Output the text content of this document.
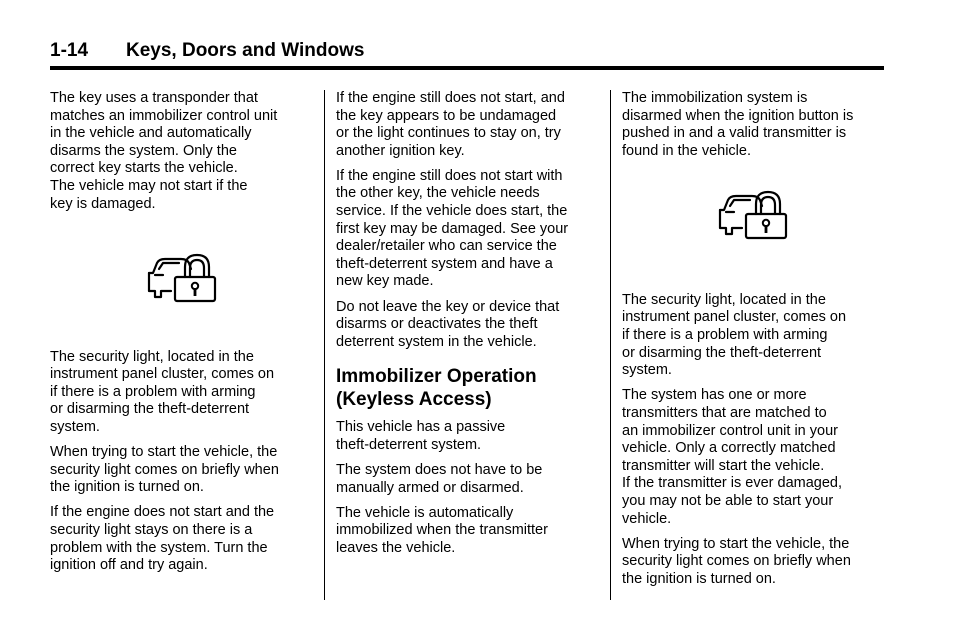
1-14 Keys, Doors and Windows

The key uses a transponder that
matches an immobilizer control unit
in the vehicle and automatically
disarms the system. Only the
correct key starts the vehicle.
The vehicle may not start if the
key is damaged.

The security light, located in the
instrument panel cluster, comes on
if there is a problem with arming
or disarming the theft-deterrent
system.

When trying to start the vehicle, the
security light comes on briefly when
the ignition is turned on.

If the engine does not start and the
security light stays on there is a
problem with the system. Turn the
ignition off and try again.

If the engine still does not start, and
the key appears to be undamaged
or the light continues to stay on, try
another ignition key.

If the engine still does not start with
the other key, the vehicle needs
service. If the vehicle does start, the
first key may be damaged. See your
dealer/retailer who can service the
theft-deterrent system and have a
new key made.

Do not leave the key or device that
disarms or deactivates the theft
deterrent system in the vehicle.

Immobilizer Operation
(Keyless Access)

This vehicle has a passive
theft-deterrent system.

The system does not have to be
manually armed or disarmed.

The vehicle is automatically
immobilized when the transmitter
leaves the vehicle.

The immobilization system is
disarmed when the ignition button is
pushed in and a valid transmitter is
found in the vehicle.

The security light, located in the
instrument panel cluster, comes on
if there is a problem with arming
or disarming the theft-deterrent
system.

The system has one or more
transmitters that are matched to
an immobilizer control unit in your
vehicle. Only a correctly matched
transmitter will start the vehicle.
If the transmitter is ever damaged,
you may not be able to start your
vehicle.

When trying to start the vehicle, the
security light comes on briefly when
the ignition is turned on.
